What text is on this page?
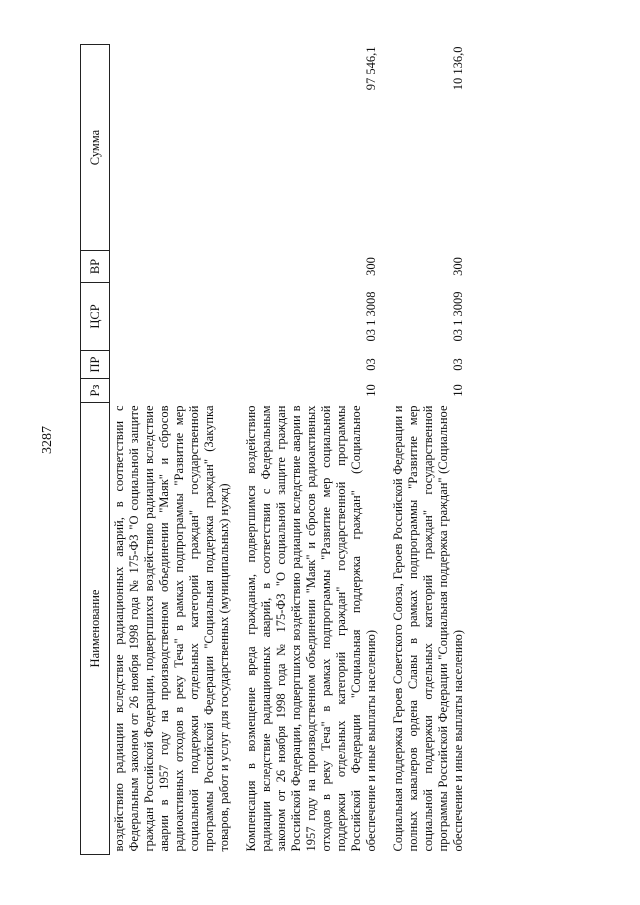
3287
Наименование	Рз	ПР	ЦСР	ВР	Сумма
воздействию радиации вследствие радиационных аварий, в соответствии с Федеральным законом от 26 ноября 1998 года № 175-ФЗ "О социальной защите граждан Российской Федерации, подвергшихся воздействию радиации вследствие аварии в 1957 году на производственном объединении "Маяк" и сбросов радиоактивных отходов в реку Теча" в рамках подпрограммы "Развитие мер социальной поддержки отдельных категорий граждан" государственной программы Российской Федерации "Социальная поддержка граждан" (Закупка товаров, работ и услуг для государственных (муниципальных) нужд)					
Компенсация в возмещение вреда гражданам, подвергшимся воздействию радиации вследствие радиационных аварий, в соответствии с Федеральным законом от 26 ноября 1998 года № 175-ФЗ "О социальной защите граждан Российской Федерации, подвергшихся воздействию радиации вследствие аварии в 1957 году на производственном объединении "Маяк" и сбросов радиоактивных отходов в реку Теча" в рамках подпрограммы "Развитие мер социальной поддержки отдельных категорий граждан" государственной программы Российской Федерации "Социальная поддержка граждан" (Социальное обеспечение и иные выплаты населению)	10	03	03 1 3008	300	97 546,1
Социальная поддержка Героев Советского Союза, Героев Российской Федерации и полных кавалеров ордена Славы в рамках подпрограммы "Развитие мер социальной поддержки отдельных категорий граждан" государственной программы Российской Федерации "Социальная поддержка граждан" (Социальное обеспечение и иные выплаты населению)	10	03	03 1 3009	300	10 136,0
